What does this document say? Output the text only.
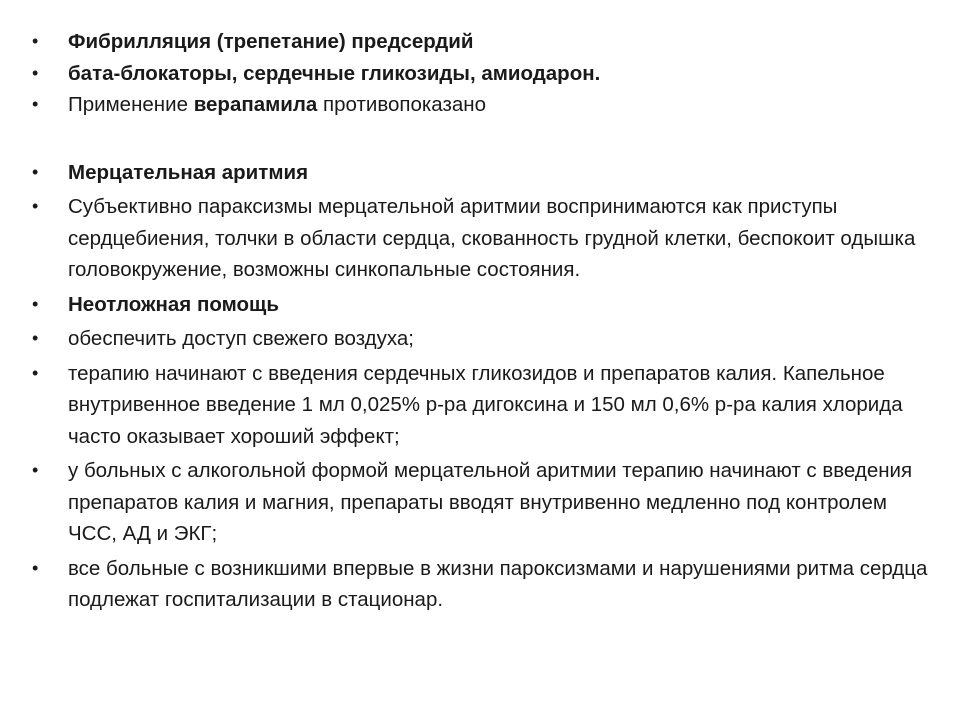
• Фибрилляция (трепетание) предсердий
• бата-блокаторы, сердечные гликозиды, амиодарон.
• Применение верапамила противопоказано
• Мерцательная аритмия
• Субъективно параксизмы мерцательной аритмии воспринимаются как приступы сердцебиения, толчки в области сердца, скованность грудной клетки, беспокоит одышка головокружение, возможны синкопальные состояния.
• Неотложная помощь
• обеспечить доступ свежего воздуха;
• терапию начинают с введения сердечных гликозидов и препаратов калия. Капельное внутривенное введение 1 мл 0,025% р-ра дигоксина и 150 мл 0,6% р-ра калия хлорида часто оказывает хороший эффект;
• у больных с алкогольной формой мерцательной аритмии терапию начинают с введения препаратов калия и магния, препараты вводят внутривенно медленно под контролем ЧСС, АД и ЭКГ;
• все больные с возникшими впервые в жизни пароксизмами и нарушениями ритма сердца подлежат госпитализации в стационар.
